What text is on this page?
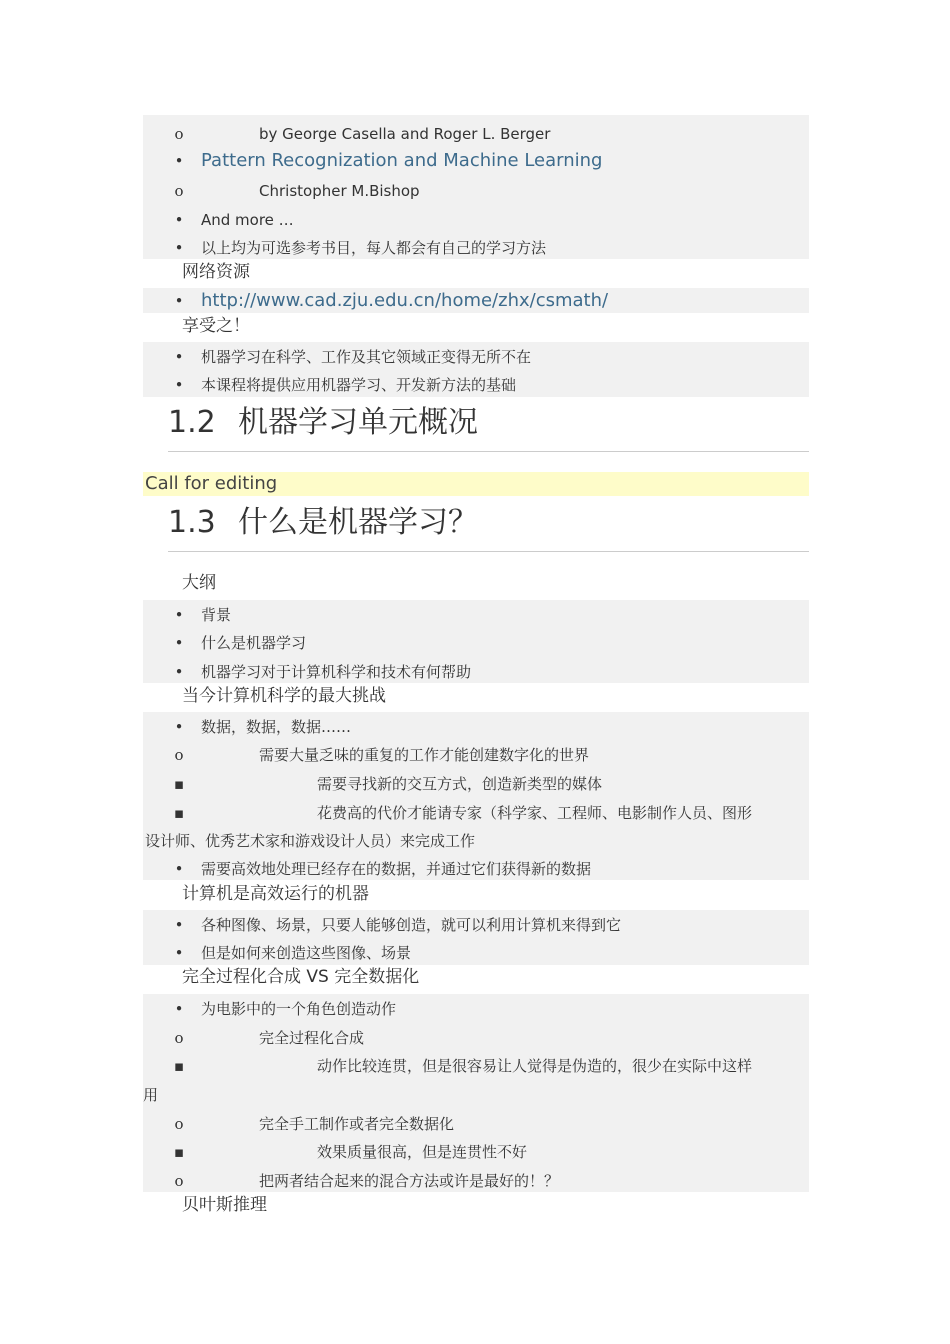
o	by George Casella and Roger L. Berger
• Pattern Recognization and Machine Learning
o	Christopher M.Bishop
• And more …
• 以上均为可选参考书目，每人都会有自己的学习方法
网络资源
• http://www.cad.zju.edu.cn/home/zhx/csmath/
享受之！
• 机器学习在科学、工作及其它领域正变得无所不在
• 本课程将提供应用机器学习、开发新方法的基础
1.2 机器学习单元概况
Call for editing
1.3 什么是机器学习？
大纲
• 背景
• 什么是机器学习
• 机器学习对于计算机科学和技术有何帮助
当今计算机科学的最大挑战
• 数据，数据，数据……
o	需要大量乏味的重复的工作才能创建数字化的世界
▪	需要寻找新的交互方式，创造新类型的媒体
▪	花费高的代价才能请专家（科学家、工程师、电影制作人员、图形
设计师、优秀艺术家和游戏设计人员）来完成工作
• 需要高效地处理已经存在的数据，并通过它们获得新的数据
计算机是高效运行的机器
• 各种图像、场景，只要人能够创造，就可以利用计算机来得到它
• 但是如何来创造这些图像、场景
完全过程化合成 VS 完全数据化
• 为电影中的一个角色创造动作
o	完全过程化合成
▪	动作比较连贯，但是很容易让人觉得是伪造的，很少在实际中这样
用
o	完全手工制作或者完全数据化
▪	效果质量很高，但是连贯性不好
o	把两者结合起来的混合方法或许是最好的！？
贝叶斯推理
